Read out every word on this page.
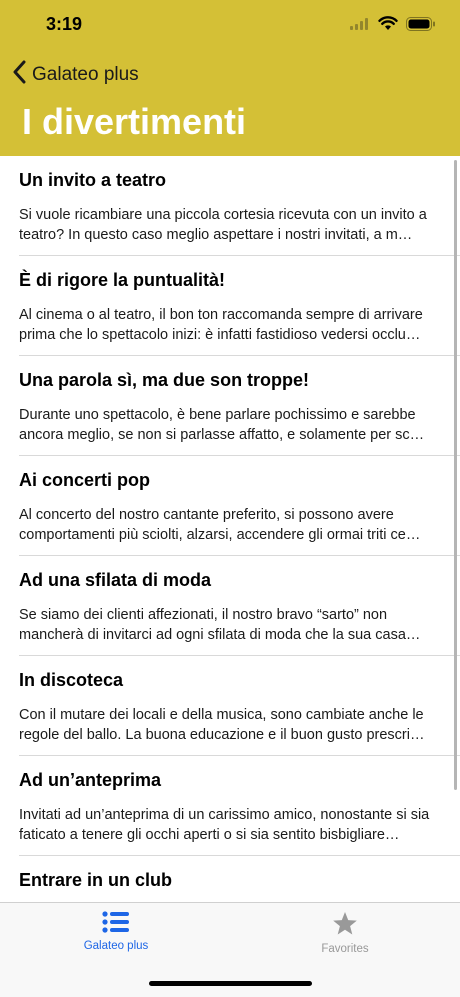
3:19
Galateo plus
I divertimenti
Un invito a teatro
Si vuole ricambiare una piccola cortesia ricevuta con un invito a teatro? In questo caso meglio aspettare i nostri invitati, a m…
È di rigore la puntualità!
Al cinema o al teatro, il bon ton raccomanda sempre di arrivare prima che lo spettacolo inizi: è infatti fastidioso vedersi occlu…
Una parola sì, ma due son troppe!
Durante uno spettacolo, è bene parlare pochissimo e sarebbe ancora meglio, se non si parlasse affatto, e solamente per sc…
Ai concerti pop
Al concerto del nostro cantante preferito, si possono avere comportamenti più sciolti, alzarsi, accendere gli ormai triti ce…
Ad una sfilata di moda
Se siamo dei clienti affezionati, il nostro bravo “sarto” non mancherà di invitarci ad ogni sfilata di moda che la sua casa…
In discoteca
Con il mutare dei locali e della musica, sono cambiate anche le regole del ballo. La buona educazione e il buon gusto prescri…
Ad un’anteprima
Invitati ad un’anteprima di un carissimo amico, nonostante si sia faticato a tenere gli occhi aperti o si sia sentito bisbigliare…
Entrare in un club
Galateo plus	Favorites
